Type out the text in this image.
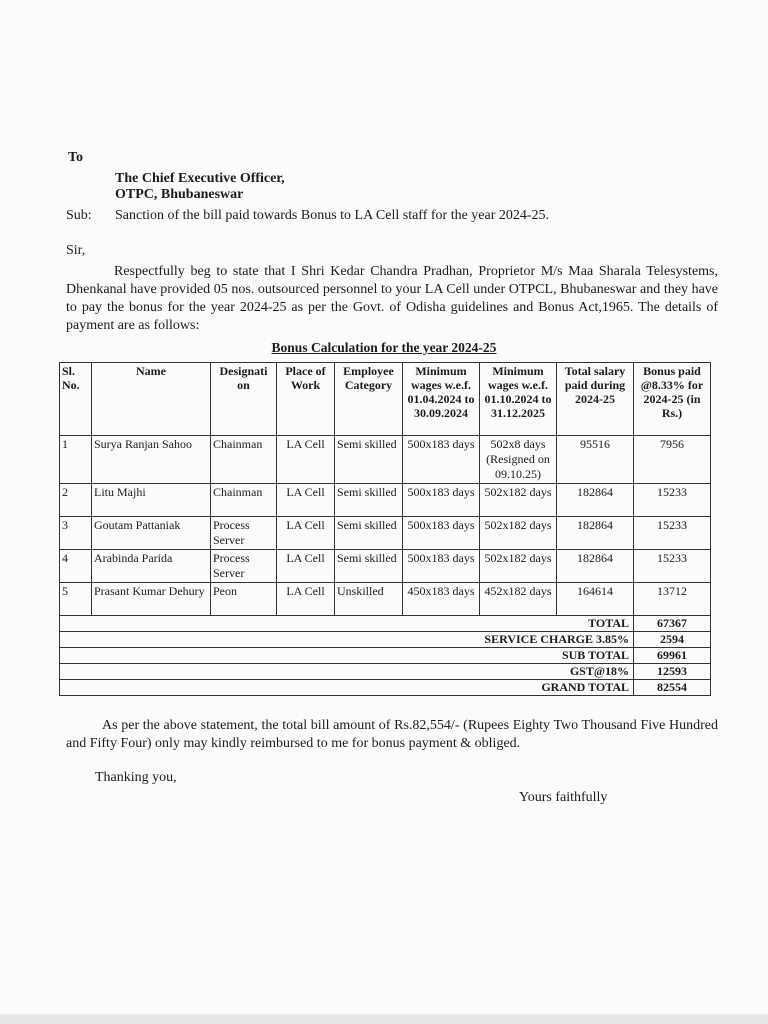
To
The Chief Executive Officer,
OTPC, Bhubaneswar
Sub: Sanction of the bill paid towards Bonus to LA Cell staff for the year 2024-25.
Sir,
Respectfully beg to state that I Shri Kedar Chandra Pradhan, Proprietor M/s Maa Sharala Telesystems, Dhenkanal have provided 05 nos. outsourced personnel to your LA Cell under OTPCL, Bhubaneswar and they have to pay the bonus for the year 2024-25 as per the Govt. of Odisha guidelines and Bonus Act,1965. The details of payment are as follows:
Bonus Calculation for the year 2024-25
Sl. No.	Name	Designati on	Place of Work	Employee Category	Minimum wages w.e.f. 01.04.2024 to 30.09.2024	Minimum wages w.e.f. 01.10.2024 to 31.12.2025	Total salary paid during 2024-25	Bonus paid @8.33% for 2024-25 (in Rs.)
1	Surya Ranjan Sahoo	Chainman	LA Cell	Semi skilled	500x183 days	502x8 days (Resigned on 09.10.25)	95516	7956
2	Litu Majhi	Chainman	LA Cell	Semi skilled	500x183 days	502x182 days	182864	15233
3	Goutam Pattaniak	Process Server	LA Cell	Semi skilled	500x183 days	502x182 days	182864	15233
4	Arabinda Parida	Process Server	LA Cell	Semi skilled	500x183 days	502x182 days	182864	15233
5	Prasant Kumar Dehury	Peon	LA Cell	Unskilled	450x183 days	452x182 days	164614	13712
TOTAL								67367
SERVICE CHARGE 3.85%								2594
SUB TOTAL								69961
GST@18%								12593
GRAND TOTAL								82554
As per the above statement, the total bill amount of Rs.82,554/- (Rupees Eighty Two Thousand Five Hundred and Fifty Four) only may kindly reimbursed to me for bonus payment & obliged.
Thanking you,
Yours faithfully
